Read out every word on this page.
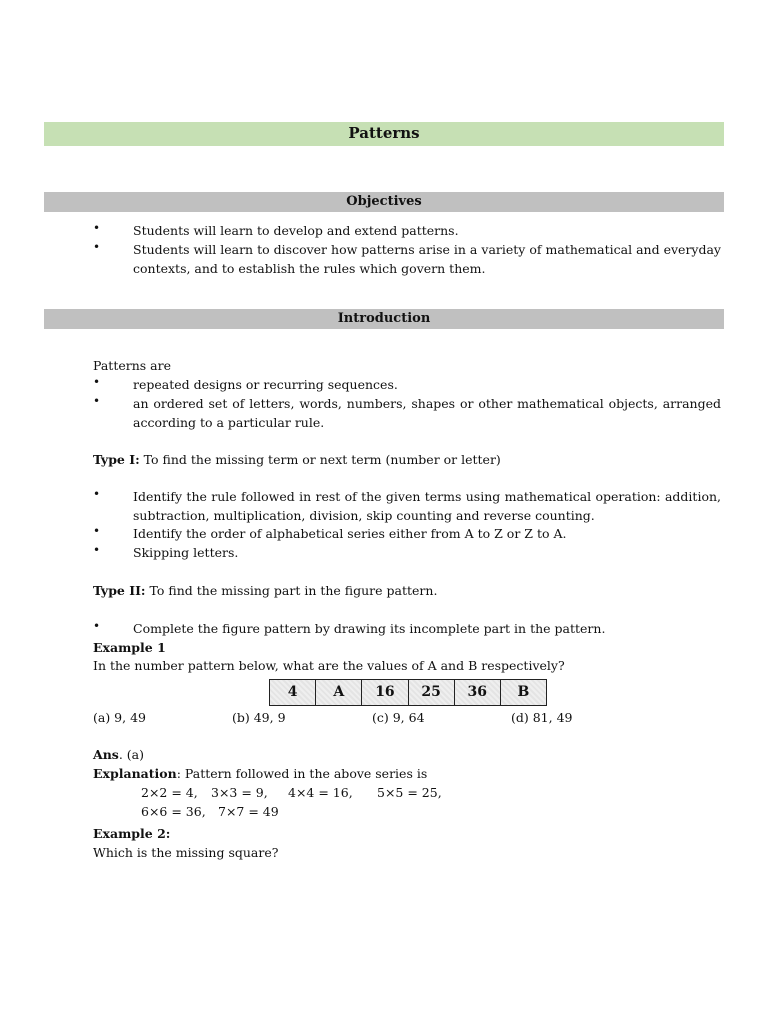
Patterns
Objectives
•	Students will learn to develop and extend patterns.
•	Students will learn to discover how patterns arise in a variety of mathematical and everyday contexts, and to establish the rules which govern them.
Introduction
Patterns are
•	repeated designs or recurring sequences.
•	an ordered set of letters, words, numbers, shapes or other mathematical objects, arranged according to a particular rule.
Type I: To find the missing term or next term (number or letter)
•	Identify the rule followed in rest of the given terms using mathematical operation: addition, subtraction, multiplication, division, skip counting and reverse counting.
•	Identify the order of alphabetical series either from A to Z or Z to A.
•	Skipping letters.
Type II: To find the missing part in the figure pattern.
•	Complete the figure pattern by drawing its incomplete part in the pattern.
Example 1
In the number pattern below, what are the values of A and B respectively?
4	A	16	25	36	B
(a) 9, 49	(b) 49, 9	(c) 9, 64	(d) 81, 49
Ans. (a)
Explanation: Pattern followed in the above series is
2×2 = 4, 3×3 = 9, 4×4 = 16, 5×5 = 25,
6×6 = 36, 7×7 = 49
Example 2:
Which is the missing square?
